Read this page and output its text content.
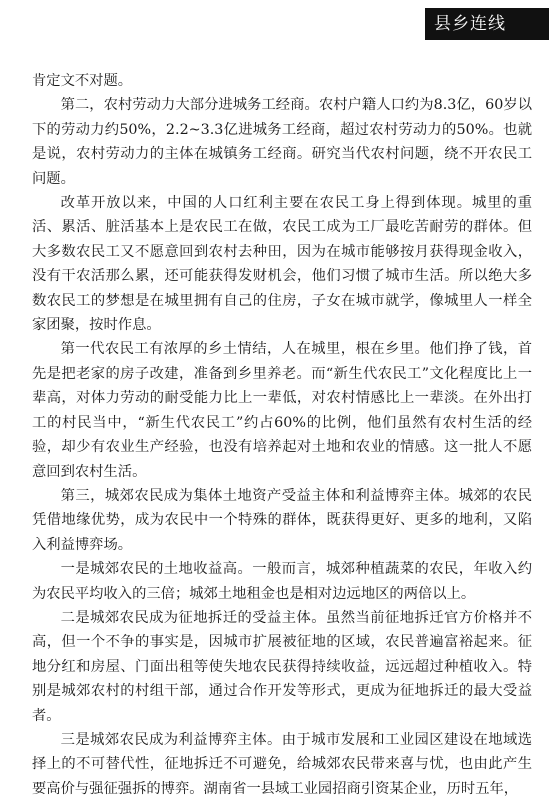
县乡连线

肯定文不对题。

第二，农村劳动力大部分进城务工经商。农村户籍人口约为8.3亿，60岁以下的劳动力约50%，2.2~3.3亿进城务工经商，超过农村劳动力的50%。也就是说，农村劳动力的主体在城镇务工经商。研究当代农村问题，绕不开农民工问题。

改革开放以来，中国的人口红利主要在农民工身上得到体现。城里的重活、累活、脏活基本上是农民工在做，农民工成为工厂最吃苦耐劳的群体。但大多数农民工又不愿意回到农村去种田，因为在城市能够按月获得现金收入，没有干农活那么累，还可能获得发财机会，他们习惯了城市生活。所以绝大多数农民工的梦想是在城里拥有自己的住房，子女在城市就学，像城里人一样全家团聚，按时作息。

第一代农民工有浓厚的乡土情结，人在城里，根在乡里。他们挣了钱，首先是把老家的房子改建，准备到乡里养老。而“新生代农民工”文化程度比上一辈高，对体力劳动的耐受能力比上一辈低，对农村情感比上一辈淡。在外出打工的村民当中，“新生代农民工”约占60%的比例，他们虽然有农村生活的经验，却少有农业生产经验，也没有培养起对土地和农业的情感。这一批人不愿意回到农村生活。

第三，城郊农民成为集体土地资产受益主体和利益博弈主体。城郊的农民凭借地缘优势，成为农民中一个特殊的群体，既获得更好、更多的地利，又陷入利益博弈场。

一是城郊农民的土地收益高。一般而言，城郊种植蔬菜的农民，年收入约为农民平均收入的三倍；城郊土地租金也是相对边远地区的两倍以上。

二是城郊农民成为征地拆迁的受益主体。虽然当前征地拆迁官方价格并不高，但一个不争的事实是，因城市扩展被征地的区域，农民普遍富裕起来。征地分红和房屋、门面出租等使失地农民获得持续收益，远远超过种植收入。特别是城郊农村的村组干部，通过合作开发等形式，更成为征地拆迁的最大受益者。

三是城郊农民成为利益博弈主体。由于城市发展和工业园区建设在地域选择上的不可替代性，征地拆迁不可避免，给城郊农民带来喜与忧，也由此产生要高价与强征强拆的博弈。湖南省一县域工业园招商引资某企业，历时五年，
